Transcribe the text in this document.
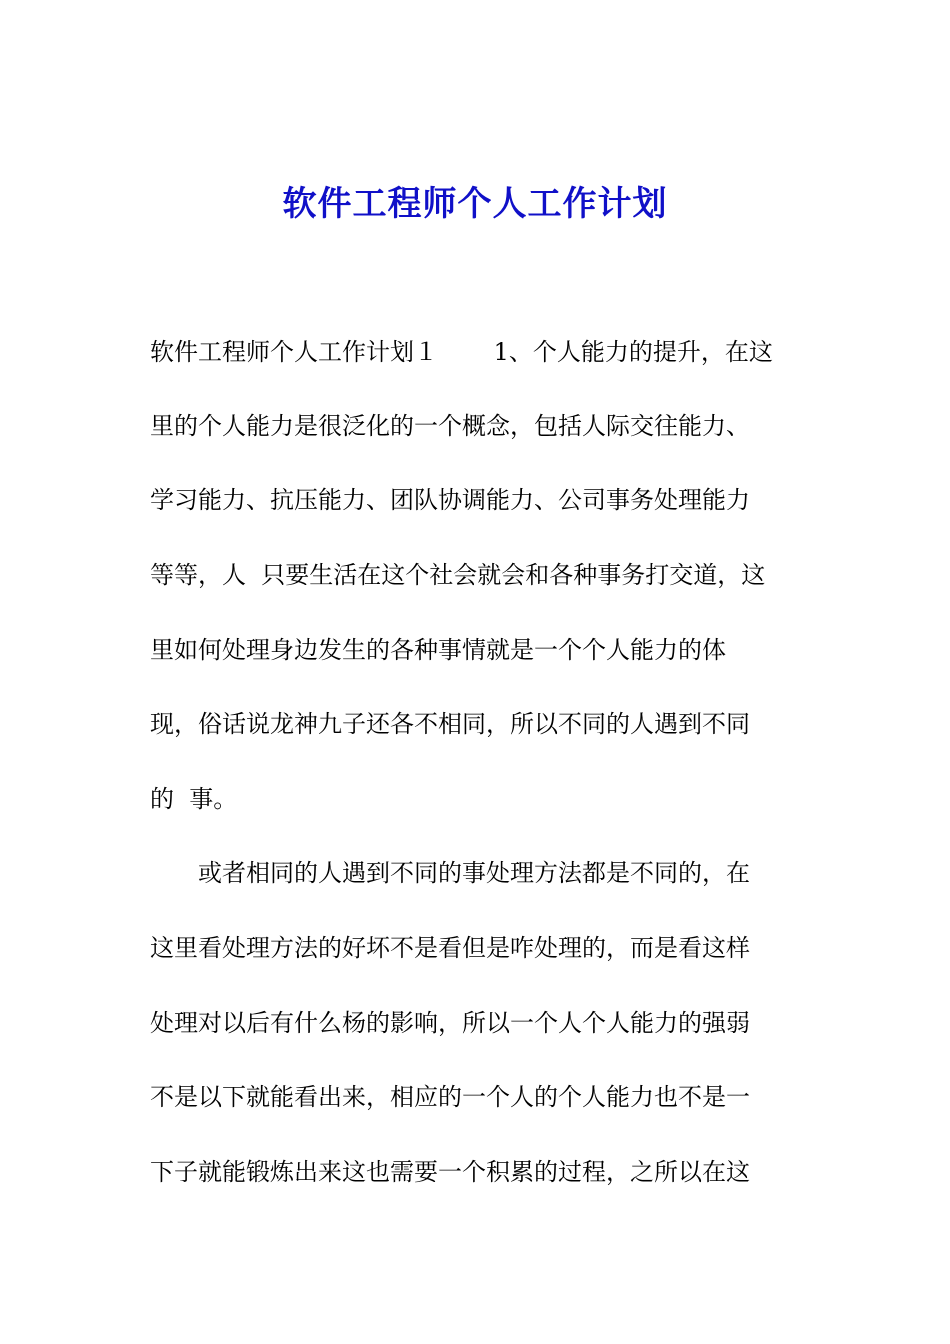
软件工程师个人工作计划

软件工程师个人工作计划１　　 1、个人能力的提升，在这

里的个人能力是很泛化的一个概念，包括人际交往能力、

学习能力、抗压能力、团队协调能力、公司事务处理能力

等等，人  只要生活在这个社会就会和各种事务打交道，这

里如何处理身边发生的各种事情就是一个个人能力的体

现，俗话说龙神九子还各不相同，所以不同的人遇到不同

的  事。

　　或者相同的人遇到不同的事处理方法都是不同的，在

这里看处理方法的好坏不是看但是咋处理的，而是看这样

处理对以后有什么杨的影响，所以一个人个人能力的强弱

不是以下就能看出来，相应的一个人的个人能力也不是一

下子就能锻炼出来这也需要一个积累的过程，之所以在这
